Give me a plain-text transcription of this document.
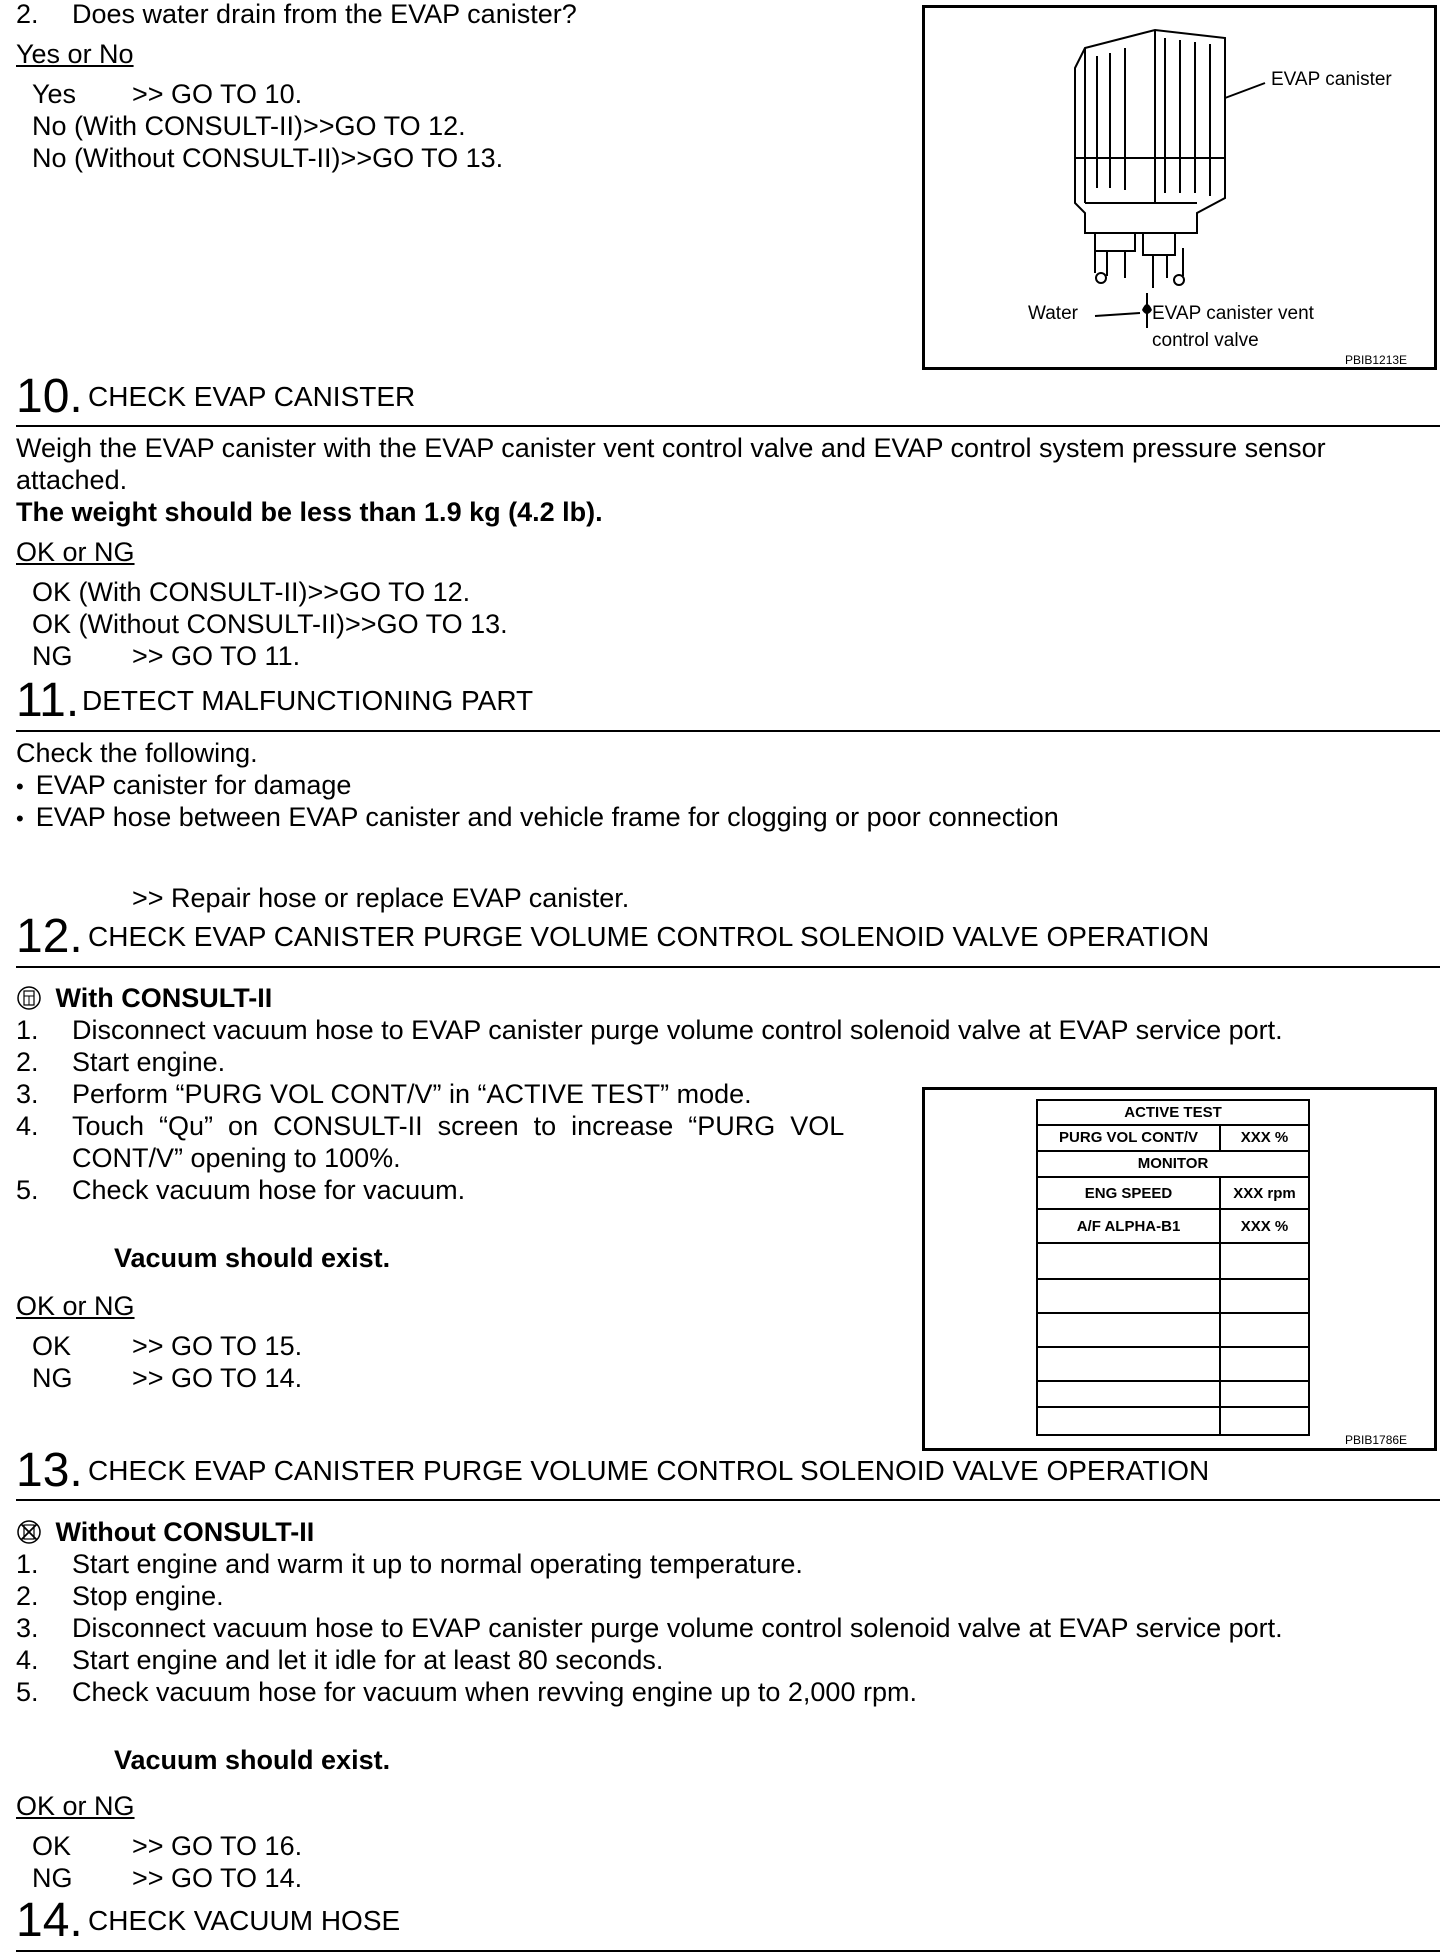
2. Does water drain from the EVAP canister?
Yes or No
Yes >> GO TO 10.
No (With CONSULT-II)>>GO TO 12.
No (Without CONSULT-II)>>GO TO 13.
EVAP canister
Water	EVAP canister vent
control valve
PBIB1213E
10. CHECK EVAP CANISTER
Weigh the EVAP canister with the EVAP canister vent control valve and EVAP control system pressure sensor
attached.
The weight should be less than 1.9 kg (4.2 lb).
OK or NG
OK (With CONSULT-II)>>GO TO 12.
OK (Without CONSULT-II)>>GO TO 13.
NG >> GO TO 11.
11. DETECT MALFUNCTIONING PART
Check the following.
• EVAP canister for damage
• EVAP hose between EVAP canister and vehicle frame for clogging or poor connection
>> Repair hose or replace EVAP canister.
12. CHECK EVAP CANISTER PURGE VOLUME CONTROL SOLENOID VALVE OPERATION
With CONSULT-II
1. Disconnect vacuum hose to EVAP canister purge volume control solenoid valve at EVAP service port.
2. Start engine.
3. Perform “PURG VOL CONT/V” in “ACTIVE TEST” mode.
4. Touch  “Qu”  on  CONSULT-II  screen  to  increase  “PURG  VOL
CONT/V” opening to 100%.
5. Check vacuum hose for vacuum.
Vacuum should exist.
OK or NG
OK >> GO TO 15.
NG >> GO TO 14.
ACTIVE TEST
PURG VOL CONT/V	XXX %
MONITOR
ENG SPEED	XXX rpm
A/F ALPHA-B1	XXX %
PBIB1786E
13. CHECK EVAP CANISTER PURGE VOLUME CONTROL SOLENOID VALVE OPERATION
Without CONSULT-II
1. Start engine and warm it up to normal operating temperature.
2. Stop engine.
3. Disconnect vacuum hose to EVAP canister purge volume control solenoid valve at EVAP service port.
4. Start engine and let it idle for at least 80 seconds.
5. Check vacuum hose for vacuum when revving engine up to 2,000 rpm.
Vacuum should exist.
OK or NG
OK >> GO TO 16.
NG >> GO TO 14.
14. CHECK VACUUM HOSE
